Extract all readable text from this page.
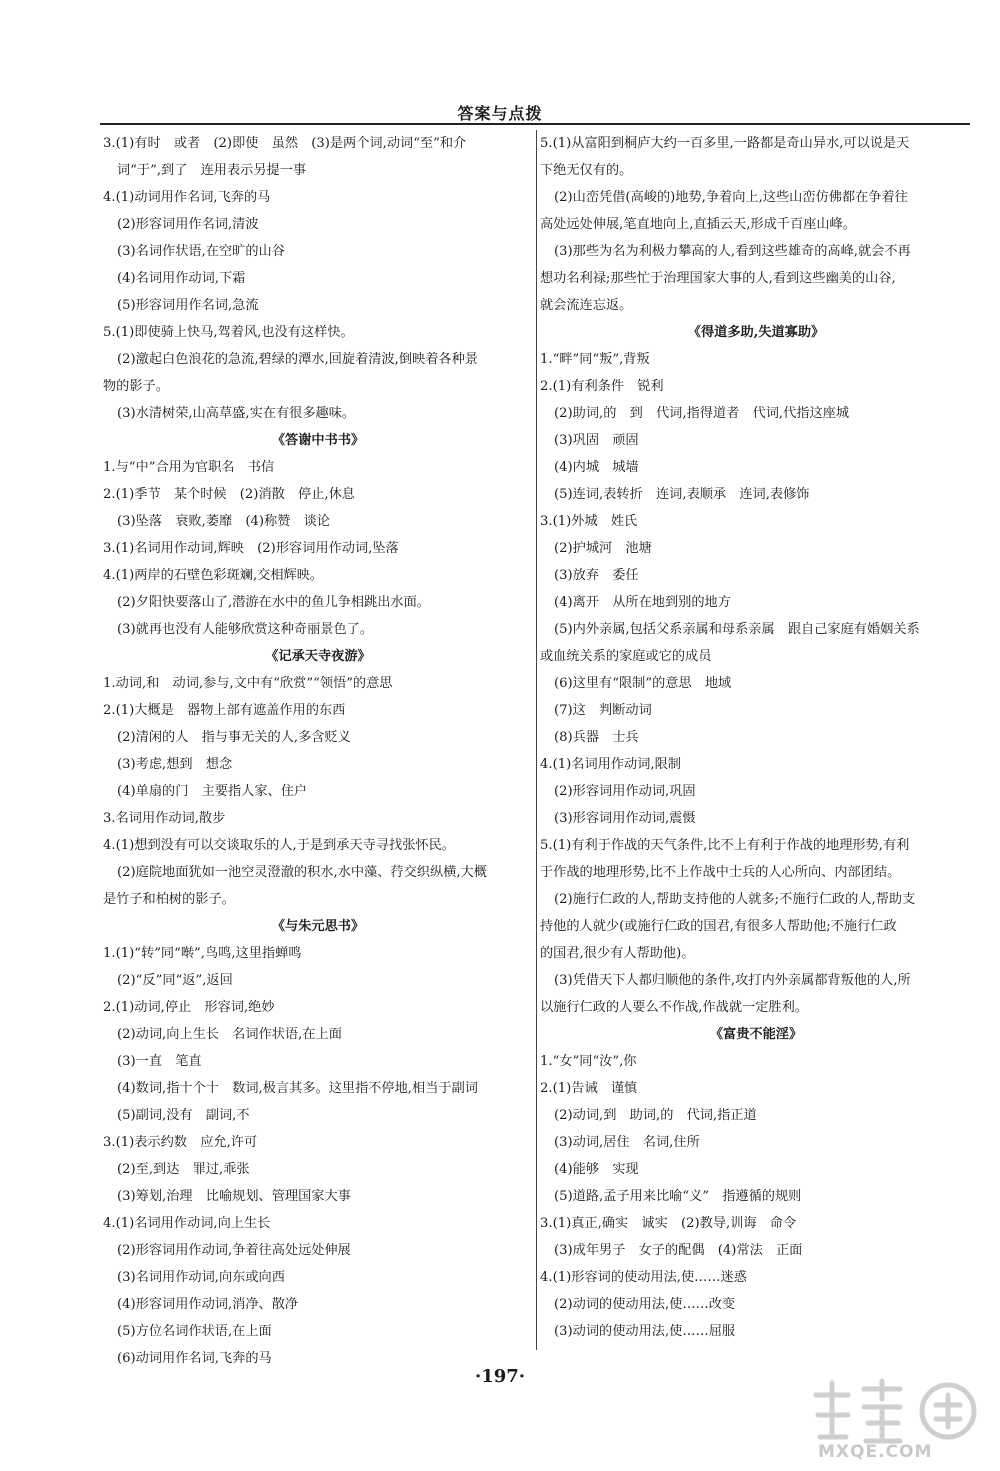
答案与点拨
3.(1)有时　或者　(2)即使　虽然　(3)是两个词,动词“至”和介
词“于”,到了　连用表示另提一事
4.(1)动词用作名词,飞奔的马
(2)形容词用作名词,清波
(3)名词作状语,在空旷的山谷
(4)名词用作动词,下霜
(5)形容词用作名词,急流
5.(1)即使骑上快马,驾着风,也没有这样快。
(2)激起白色浪花的急流,碧绿的潭水,回旋着清波,倒映着各种景
物的影子。
(3)水清树荣,山高草盛,实在有很多趣味。
《答谢中书书》
1.与“中”合用为官职名　书信
2.(1)季节　某个时候　(2)消散　停止,休息
(3)坠落　衰败,萎靡　(4)称赞　谈论
3.(1)名词用作动词,辉映　(2)形容词用作动词,坠落
4.(1)两岸的石壁色彩斑斓,交相辉映。
(2)夕阳快要落山了,潜游在水中的鱼儿争相跳出水面。
(3)就再也没有人能够欣赏这种奇丽景色了。
《记承天寺夜游》
1.动词,和　动词,参与,文中有“欣赏”“领悟”的意思
2.(1)大概是　器物上部有遮盖作用的东西
(2)清闲的人　指与事无关的人,多含贬义
(3)考虑,想到　想念
(4)单扇的门　主要指人家、住户
3.名词用作动词,散步
4.(1)想到没有可以交谈取乐的人,于是到承天寺寻找张怀民。
(2)庭院地面犹如一池空灵澄澈的积水,水中藻、荇交织纵横,大概
是竹子和柏树的影子。
《与朱元思书》
1.(1)“转”同“啭”,鸟鸣,这里指蝉鸣
(2)“反”同“返”,返回
2.(1)动词,停止　形容词,绝妙
(2)动词,向上生长　名词作状语,在上面
(3)一直　笔直
(4)数词,指十个十　数词,极言其多。这里指不停地,相当于副词
(5)副词,没有　副词,不
3.(1)表示约数　应允,许可
(2)至,到达　罪过,乖张
(3)筹划,治理　比喻规划、管理国家大事
4.(1)名词用作动词,向上生长
(2)形容词用作动词,争着往高处远处伸展
(3)名词用作动词,向东或向西
(4)形容词用作动词,消净、散净
(5)方位名词作状语,在上面
(6)动词用作名词,飞奔的马
5.(1)从富阳到桐庐大约一百多里,一路都是奇山异水,可以说是天
下绝无仅有的。
(2)山峦凭借(高峻的)地势,争着向上,这些山峦仿佛都在争着往
高处远处伸展,笔直地向上,直插云天,形成千百座山峰。
(3)那些为名为利极力攀高的人,看到这些雄奇的高峰,就会不再
想功名利禄;那些忙于治理国家大事的人,看到这些幽美的山谷,
就会流连忘返。
《得道多助,失道寡助》
1.“畔”同“叛”,背叛
2.(1)有利条件　锐利
(2)助词,的　到　代词,指得道者　代词,代指这座城
(3)巩固　顽固
(4)内城　城墙
(5)连词,表转折　连词,表顺承　连词,表修饰
3.(1)外城　姓氏
(2)护城河　池塘
(3)放弃　委任
(4)离开　从所在地到别的地方
(5)内外亲属,包括父系亲属和母系亲属　跟自己家庭有婚姻关系
或血统关系的家庭或它的成员
(6)这里有“限制”的意思　地域
(7)这　判断动词
(8)兵器　士兵
4.(1)名词用作动词,限制
(2)形容词用作动词,巩固
(3)形容词用作动词,震慑
5.(1)有利于作战的天气条件,比不上有利于作战的地理形势,有利
于作战的地理形势,比不上作战中士兵的人心所向、内部团结。
(2)施行仁政的人,帮助支持他的人就多;不施行仁政的人,帮助支
持他的人就少(或施行仁政的国君,有很多人帮助他;不施行仁政
的国君,很少有人帮助他)。
(3)凭借天下人都归顺他的条件,攻打内外亲属都背叛他的人,所
以施行仁政的人要么不作战,作战就一定胜利。
《富贵不能淫》
1.“女”同“汝”,你
2.(1)告诫　谨慎
(2)动词,到　助词,的　代词,指正道
(3)动词,居住　名词,住所
(4)能够　实现
(5)道路,孟子用来比喻“义”　指遵循的规则
3.(1)真正,确实　诚实　(2)教导,训诲　命令
(3)成年男子　女子的配偶　(4)常法　正面
4.(1)形容词的使动用法,使……迷惑
(2)动词的使动用法,使……改变
(3)动词的使动用法,使……屈服
·197·
MXQE.COM
